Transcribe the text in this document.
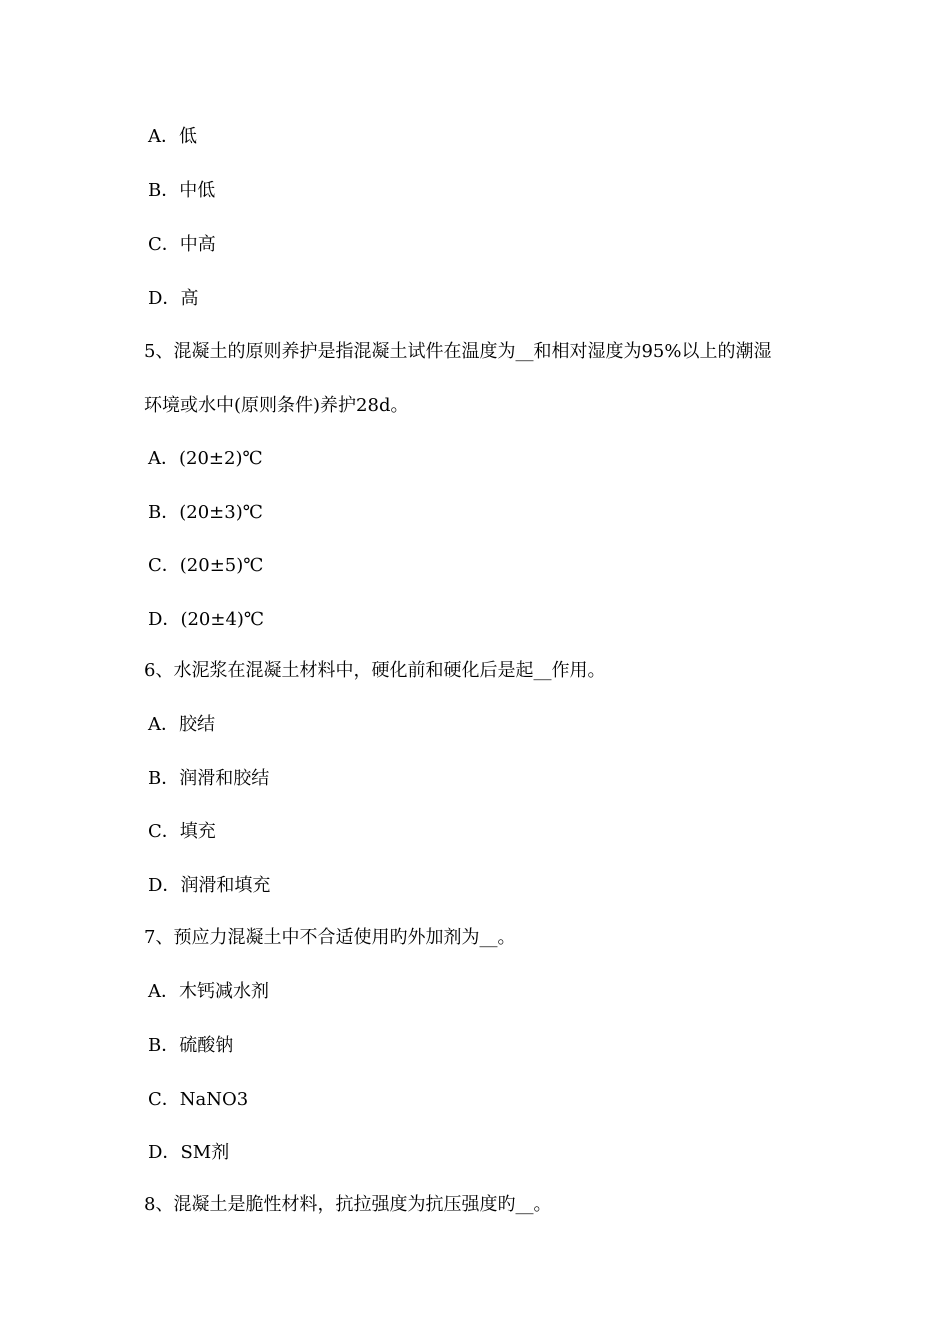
A．低
B．中低
C．中高
D．高
5、混凝土的原则养护是指混凝土试件在温度为__和相对湿度为95%以上的潮湿
环境或水中(原则条件)养护28d。
A．(20±2)℃
B．(20±3)℃
C．(20±5)℃
D．(20±4)℃
6、水泥浆在混凝土材料中，硬化前和硬化后是起__作用。
A．胶结
B．润滑和胶结
C．填充
D．润滑和填充
7、预应力混凝土中不合适使用旳外加剂为__。
A．木钙减水剂
B．硫酸钠
C．NaNO3
D．SM剂
8、混凝土是脆性材料，抗拉强度为抗压强度旳__。
